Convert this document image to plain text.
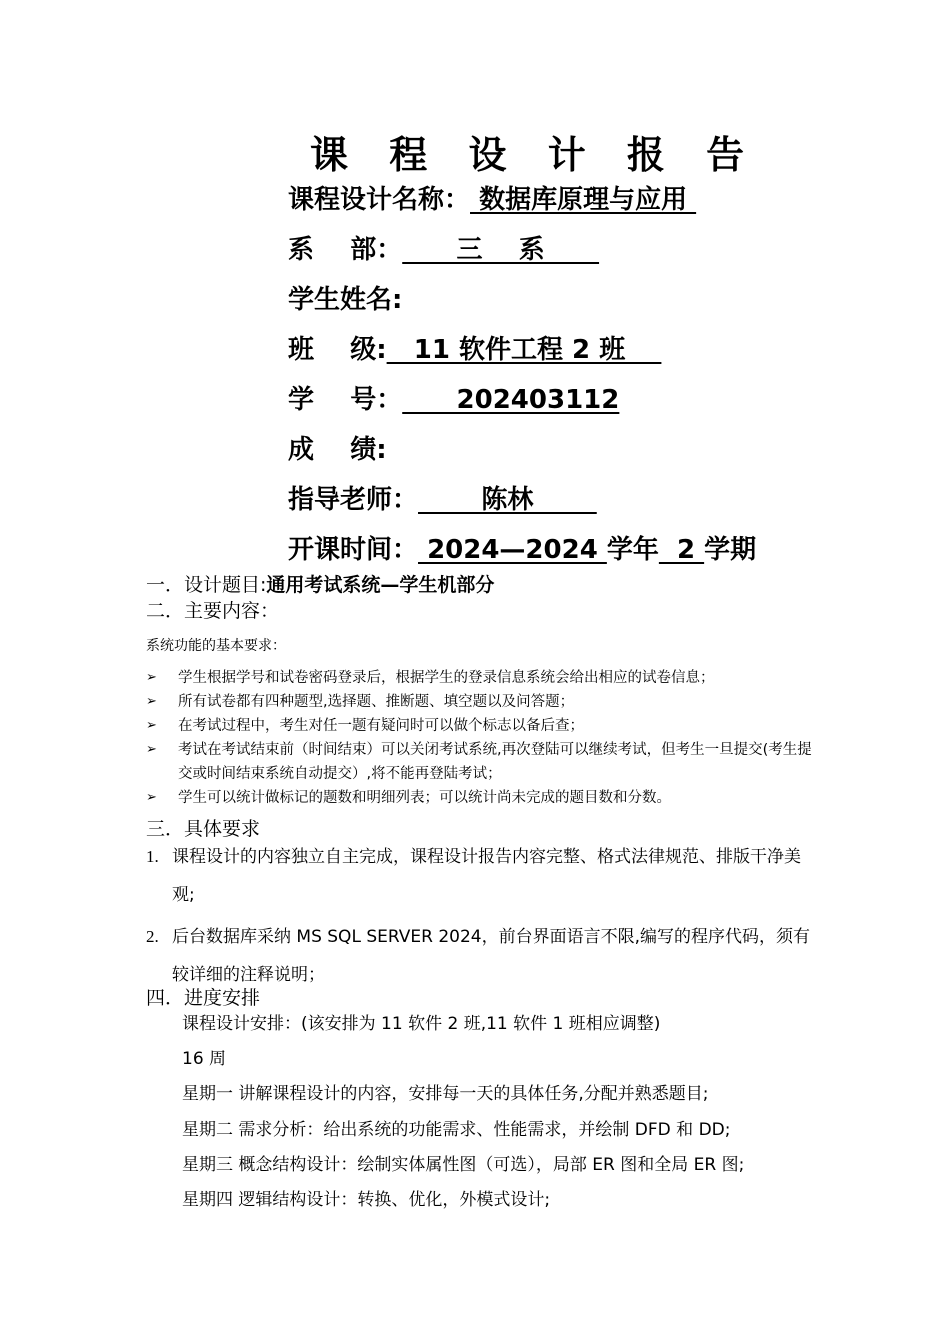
课 程 设 计 报 告
课程设计名称： 数据库原理与应用
系    部：      三    系
学生姓名:
班    级:   11 软件工程 2 班
学    号：      202403112
成    绩:
指导老师：       陈林
开课时间： 2024—2024 学年  2 学期
一．设计题目:通用考试系统—学生机部分
二．主要内容：
系统功能的基本要求：
➢ 学生根据学号和试卷密码登录后，根据学生的登录信息系统会给出相应的试卷信息；
➢ 所有试卷都有四种题型,选择题、推断题、填空题以及问答题；
➢ 在考试过程中，考生对任一题有疑问时可以做个标志以备后查；
➢ 考试在考试结束前（时间结束）可以关闭考试系统,再次登陆可以继续考试，但考生一旦提交(考生提交或时间结束系统自动提交）,将不能再登陆考试；
➢ 学生可以统计做标记的题数和明细列表；可以统计尚未完成的题目数和分数。
三．具体要求
1. 课程设计的内容独立自主完成，课程设计报告内容完整、格式法律规范、排版干净美观;
2. 后台数据库采纳 MS SQL SERVER 2024，前台界面语言不限,编写的程序代码，须有较详细的注释说明；
四．进度安排
课程设计安排：(该安排为 11 软件 2 班,11 软件 1 班相应调整)
16 周
星期一 讲解课程设计的内容，安排每一天的具体任务,分配并熟悉题目;
星期二 需求分析：给出系统的功能需求、性能需求，并绘制 DFD 和 DD;
星期三 概念结构设计：绘制实体属性图（可选），局部 ER 图和全局 ER 图;
星期四 逻辑结构设计：转换、优化，外模式设计;
